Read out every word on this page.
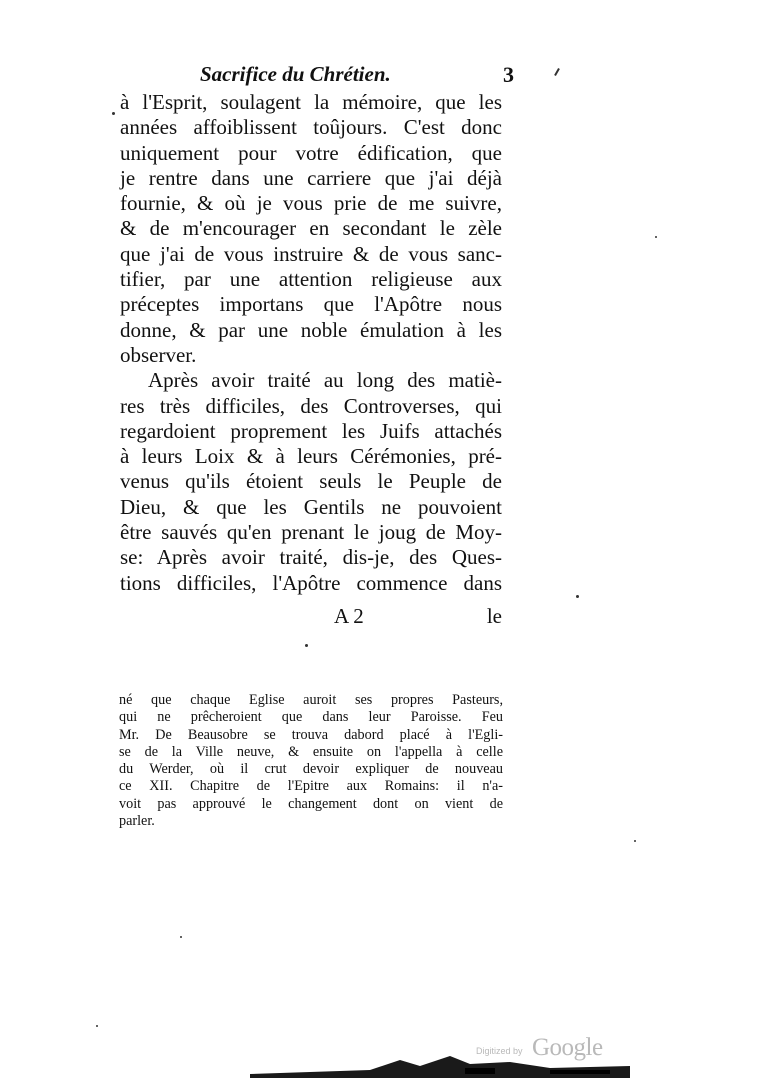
Sacrifice du Chrétien.	3
à l'Esprit, soulagent la mémoire, que les
années affoiblissent toûjours. C'est donc
uniquement pour votre édification, que
je rentre dans une carriere que j'ai déjà
fournie, & où je vous prie de me suivre,
& de m'encourager en secondant le zèle
que j'ai de vous instruire & de vous sanc-
tifier, par une attention religieuse aux
préceptes importans que l'Apôtre nous
donne, & par une noble émulation à les
observer.
Après avoir traité au long des matiè-
res très difficiles, des Controverses, qui
regardoient proprement les Juifs attachés
à leurs Loix & à leurs Cérémonies, pré-
venus qu'ils étoient seuls le Peuple de
Dieu, & que les Gentils ne pouvoient
être sauvés qu'en prenant le joug de Moy-
se: Après avoir traité, dis-je, des Ques-
tions difficiles, l'Apôtre commence dans
A 2	le
né que chaque Eglise auroit ses propres Pasteurs,
qui ne prêcheroient que dans leur Paroisse. Feu
Mr. De Beausobre se trouva dabord placé à l'Egli-
se de la Ville neuve, & ensuite on l'appella à celle
du Werder, où il crut devoir expliquer de nouveau
ce XII. Chapitre de l'Epitre aux Romains: il n'a-
voit pas approuvé le changement dont on vient de
parler.
Digitized by Google
